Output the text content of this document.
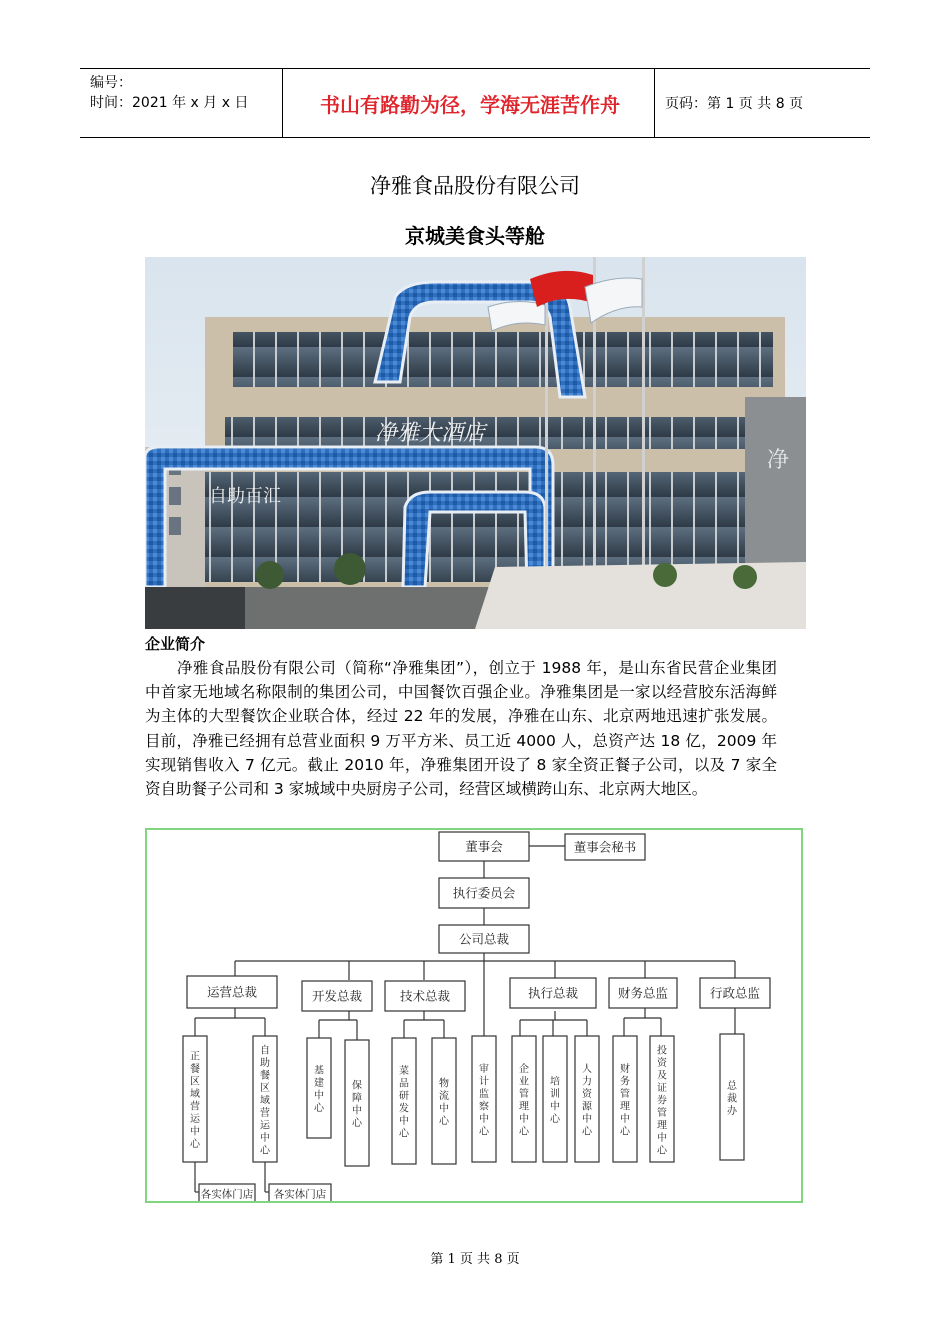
编号：
时间：2021 年 x 月 x 日	书山有路勤为径，学海无涯苦作舟	页码：第 1 页 共 8 页
净雅食品股份有限公司
京城美食头等舱
净
净雅大酒店
自助百汇
企业简介
净雅食品股份有限公司（简称“净雅集团”），创立于 1988 年，是山东省民营企业集团中首家无地域名称限制的集团公司，中国餐饮百强企业。净雅集团是一家以经营胶东活海鲜为主体的大型餐饮企业联合体，经过 22 年的发展，净雅在山东、北京两地迅速扩张发展。目前，净雅已经拥有总营业面积 9 万平方米、员工近 4000 人，总资产达 18 亿，2009 年实现销售收入 7 亿元。截止 2010 年，净雅集团开设了 8 家全资正餐子公司，以及 7 家全资自助餐子公司和 3 家城域中央厨房子公司，经营区域横跨山东、北京两大地区。
董事会	董事会秘书
执行委员会
公司总裁
运营总裁	开发总裁	技术总裁	执行总裁	财务总监	行政总监
正
餐
区
域
营
运
中
心
自
助
餐
区
域
营
运
中
心
基
建
中
心
保
障
中
心
菜
品
研
发
中
心
物
流
中
心
审
计
监
察
中
心
企
业
管
理
中
心
培
训
中
心
人
力
资
源
中
心
财
务
管
理
中
心
投
资
及
证
券
管
理
中
心
总
裁
办
各实体门店 各实体门店
第 1 页 共 8 页
